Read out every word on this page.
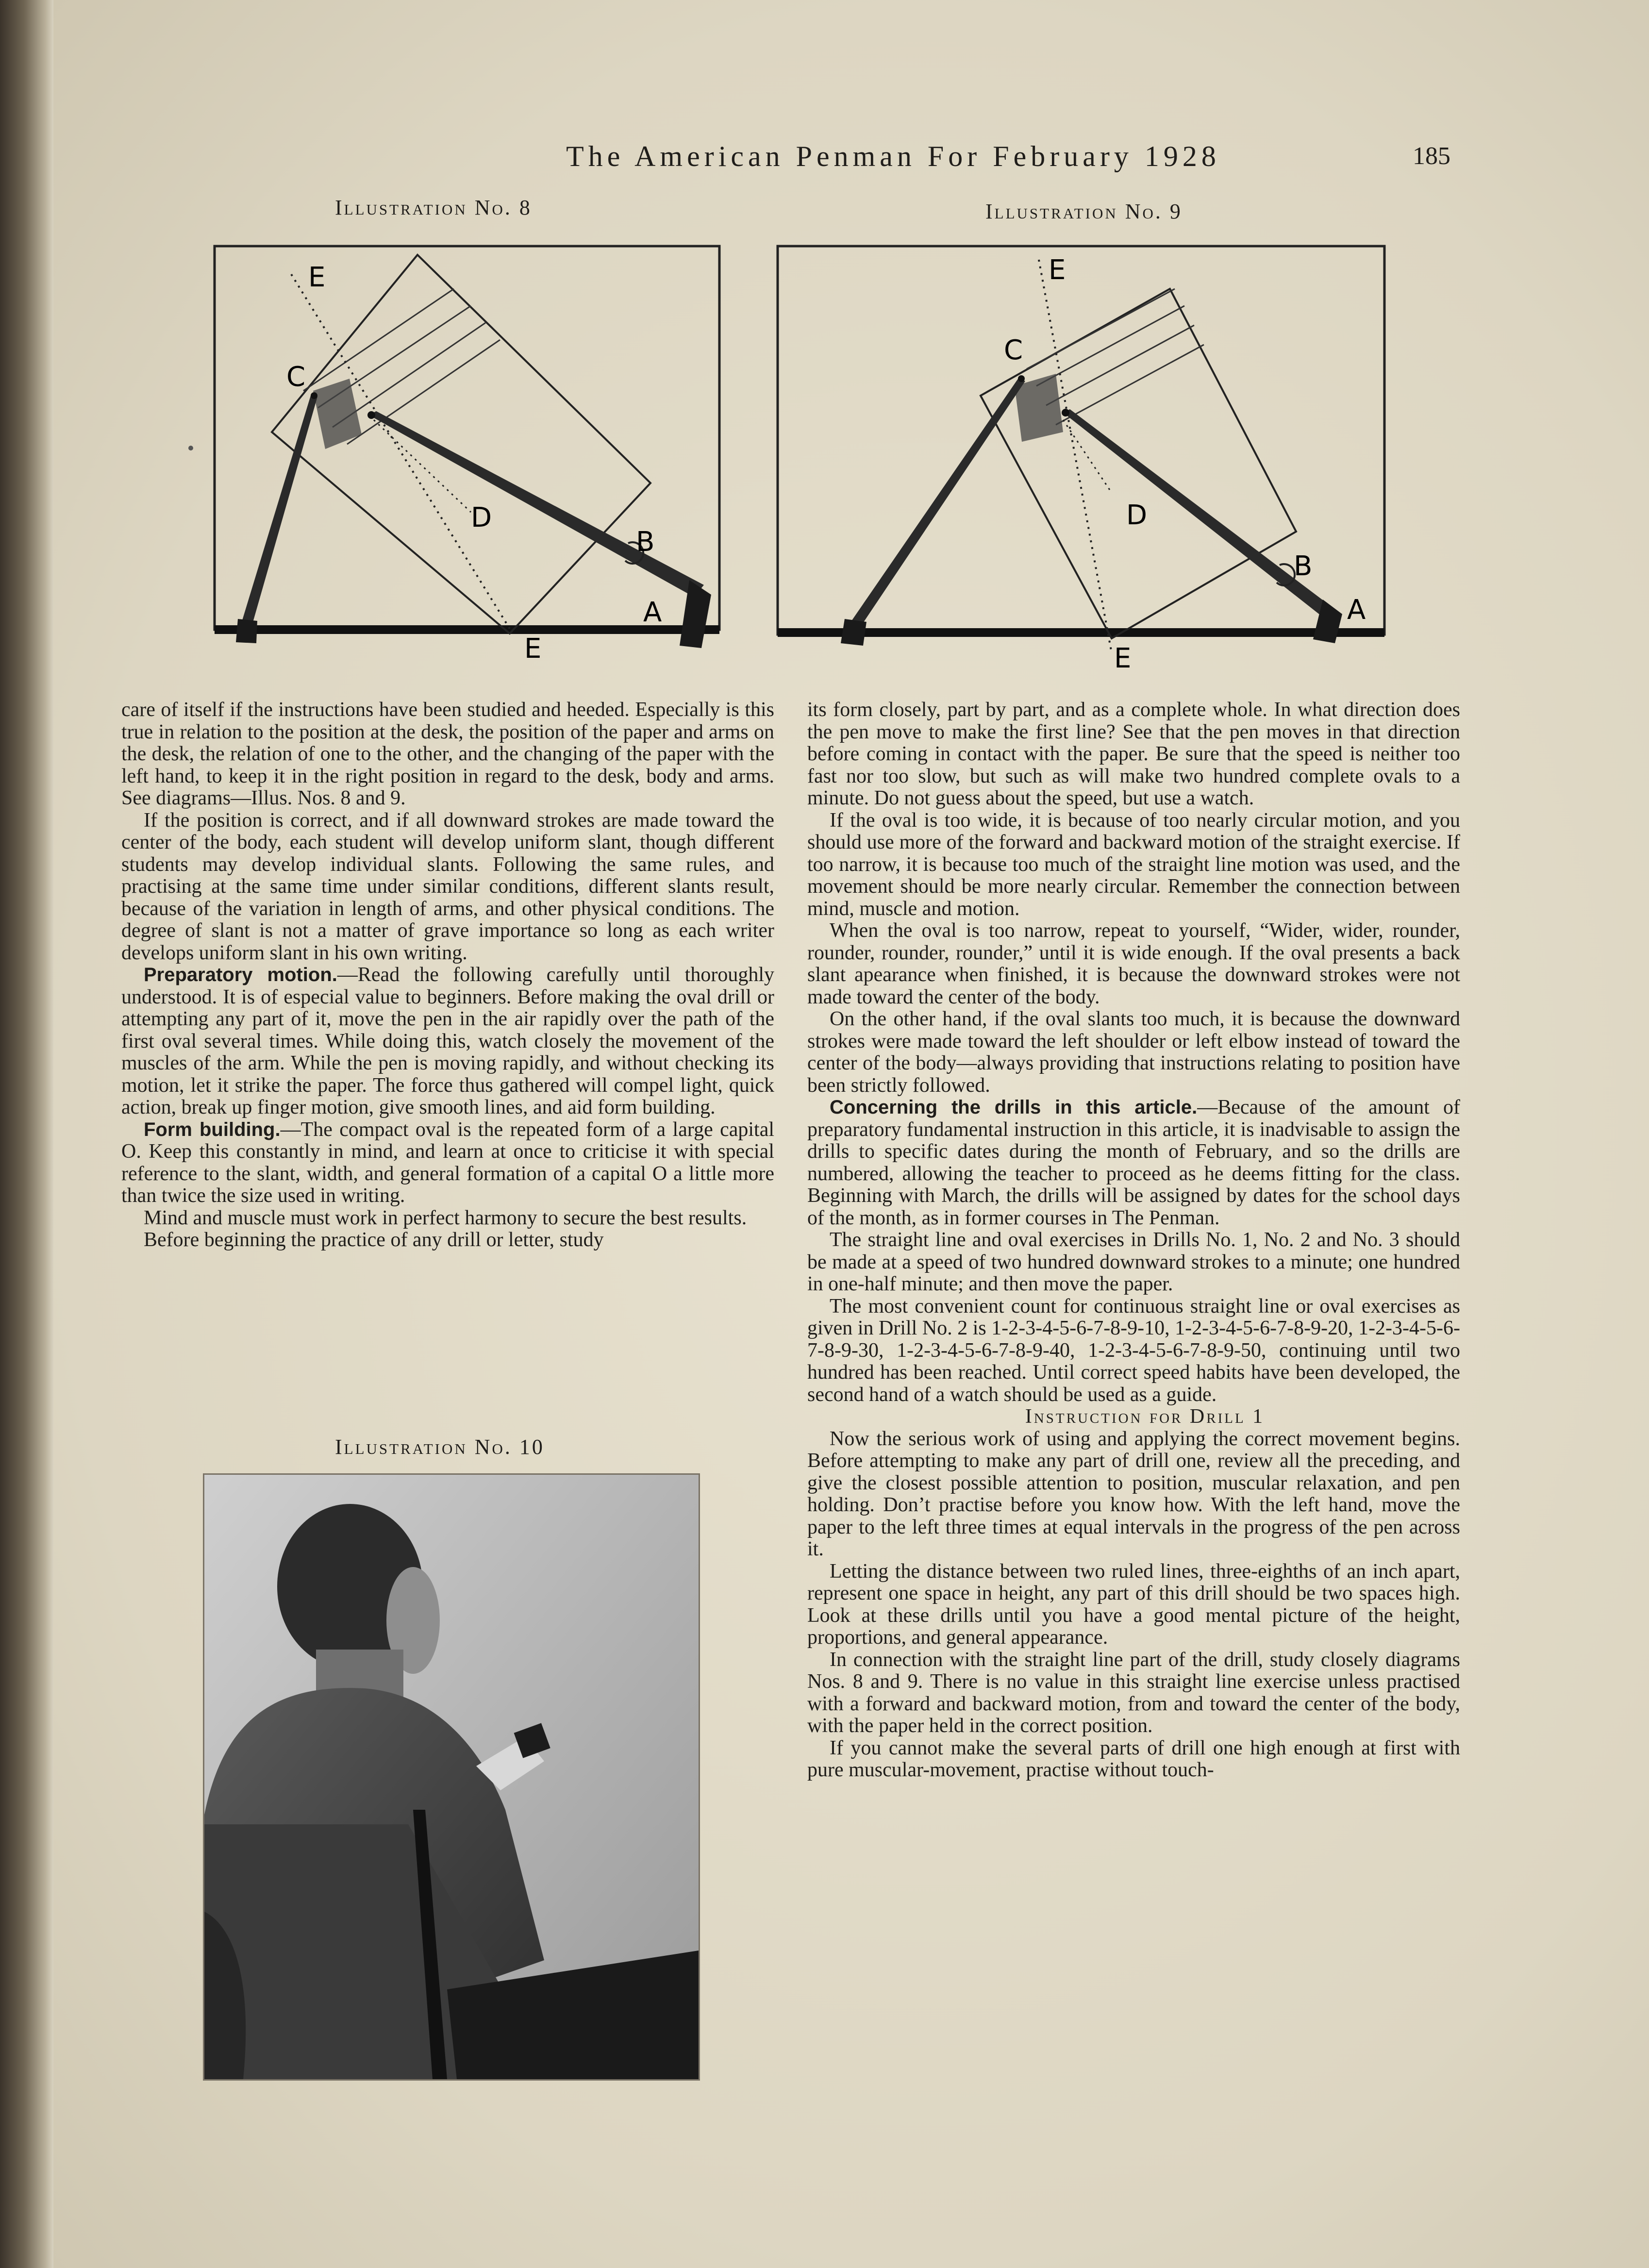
The American Penman For February 1928	185
Illustration No. 8	Illustration No. 9
E
C
D
B
A
E
E
C
D
B
A
E

care of itself if the instructions have been studied and heeded. Especially is this true in relation to the position at the desk, the position of the paper and arms on the desk, the relation of one to the other, and the changing of the paper with the left hand, to keep it in the right position in regard to the desk, body and arms. See diagrams—Illus. Nos. 8 and 9.

If the position is correct, and if all downward strokes are made toward the center of the body, each student will develop uniform slant, though different students may develop individual slants. Following the same rules, and practising at the same time under similar conditions, different slants result, because of the variation in length of arms, and other physical conditions. The degree of slant is not a matter of grave importance so long as each writer develops uniform slant in his own writing.

Preparatory motion.—Read the following carefully until thoroughly understood. It is of especial value to beginners. Before making the oval drill or attempting any part of it, move the pen in the air rapidly over the path of the first oval several times. While doing this, watch closely the movement of the muscles of the arm. While the pen is moving rapidly, and without checking its motion, let it strike the paper. The force thus gathered will compel light, quick action, break up finger motion, give smooth lines, and aid form building.

Form building.—The compact oval is the repeated form of a large capital O. Keep this constantly in mind, and learn at once to criticise it with special reference to the slant, width, and general formation of a capital O a little more than twice the size used in writing.

Mind and muscle must work in perfect harmony to secure the best results.

Before beginning the practice of any drill or letter, study

Illustration No. 10

its form closely, part by part, and as a complete whole. In what direction does the pen move to make the first line? See that the pen moves in that direction before coming in contact with the paper. Be sure that the speed is neither too fast nor too slow, but such as will make two hundred complete ovals to a minute. Do not guess about the speed, but use a watch.

If the oval is too wide, it is because of too nearly circular motion, and you should use more of the forward and backward motion of the straight exercise. If too narrow, it is because too much of the straight line motion was used, and the movement should be more nearly circular. Remember the connection between mind, muscle and motion.

When the oval is too narrow, repeat to yourself, “Wider, wider, rounder, rounder, rounder, rounder,” until it is wide enough. If the oval presents a back slant apearance when finished, it is because the downward strokes were not made toward the center of the body.

On the other hand, if the oval slants too much, it is because the downward strokes were made toward the left shoulder or left elbow instead of toward the center of the body—always providing that instructions relating to position have been strictly followed.

Concerning the drills in this article.—Because of the amount of preparatory fundamental instruction in this article, it is inadvisable to assign the drills to specific dates during the month of February, and so the drills are numbered, allowing the teacher to proceed as he deems fitting for the class. Beginning with March, the drills will be assigned by dates for the school days of the month, as in former courses in The Penman.

The straight line and oval exercises in Drills No. 1, No. 2 and No. 3 should be made at a speed of two hundred downward strokes to a minute; one hundred in one-half minute; and then move the paper.

The most convenient count for continuous straight line or oval exercises as given in Drill No. 2 is 1-2-3-4-5-6-7-8-9-10, 1-2-3-4-5-6-7-8-9-20, 1-2-3-4-5-6-7-8-9-30, 1-2-3-4-5-6-7-8-9-40, 1-2-3-4-5-6-7-8-9-50, continuing until two hundred has been reached. Until correct speed habits have been developed, the second hand of a watch should be used as a guide.

Instruction for Drill 1

Now the serious work of using and applying the correct movement begins. Before attempting to make any part of drill one, review all the preceding, and give the closest possible attention to position, muscular relaxation, and pen holding. Don’t practise before you know how. With the left hand, move the paper to the left three times at equal intervals in the progress of the pen across it.

Letting the distance between two ruled lines, three-eighths of an inch apart, represent one space in height, any part of this drill should be two spaces high. Look at these drills until you have a good mental picture of the height, proportions, and general appearance.

In connection with the straight line part of the drill, study closely diagrams Nos. 8 and 9. There is no value in this straight line exercise unless practised with a forward and backward motion, from and toward the center of the body, with the paper held in the correct position.

If you cannot make the several parts of drill one high enough at first with pure muscular-movement, practise without touch-
